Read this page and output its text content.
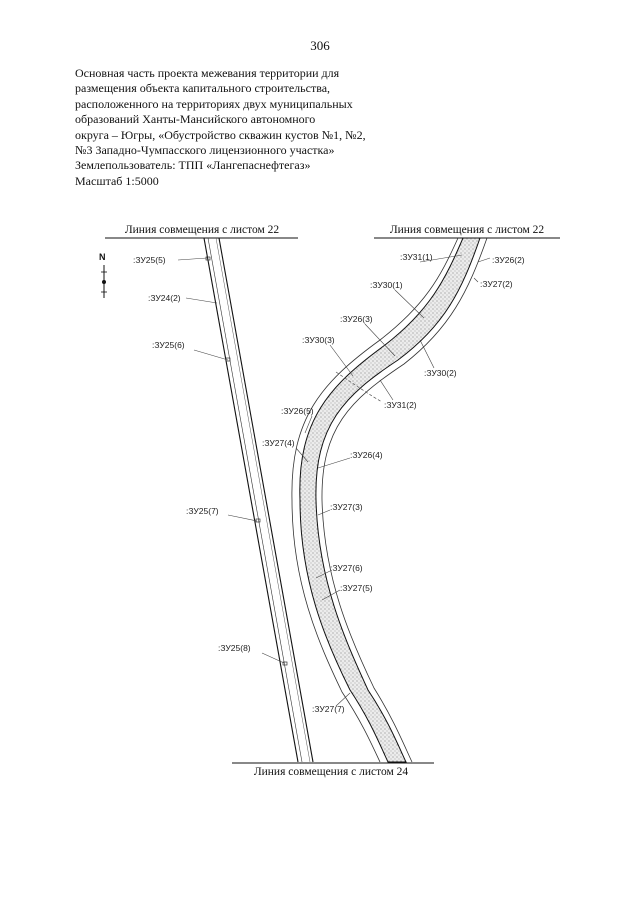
306
Основная часть проекта межевания территории для
размещения объекта капитального строительства,
расположенного на территориях двух муниципальных
образований Ханты-Мансийского автономного
округа – Югры, «Обустройство скважин кустов №1, №2,
№3 Западно-Чумпасского лицензионного участка»
Землепользователь: ТПП «Лангепаснефтегаз»
Масштаб 1:5000
Линия совмещения с листом 22	Линия совмещения с листом 22
Линия совмещения с листом 24
N	:ЗУ25(5)
:ЗУ24(2)
:ЗУ25(6)
:ЗУ25(7)
:ЗУ25(8)
:ЗУ31(1)	:ЗУ26(2)
:ЗУ27(2)
:ЗУ30(1)
:ЗУ26(3)
:ЗУ30(3)
:ЗУ30(2)
:ЗУ31(2)
:ЗУ26(5)
:ЗУ27(4)
:ЗУ26(4)
:ЗУ27(3)
:ЗУ27(6)
:ЗУ27(5)
:ЗУ27(7)
